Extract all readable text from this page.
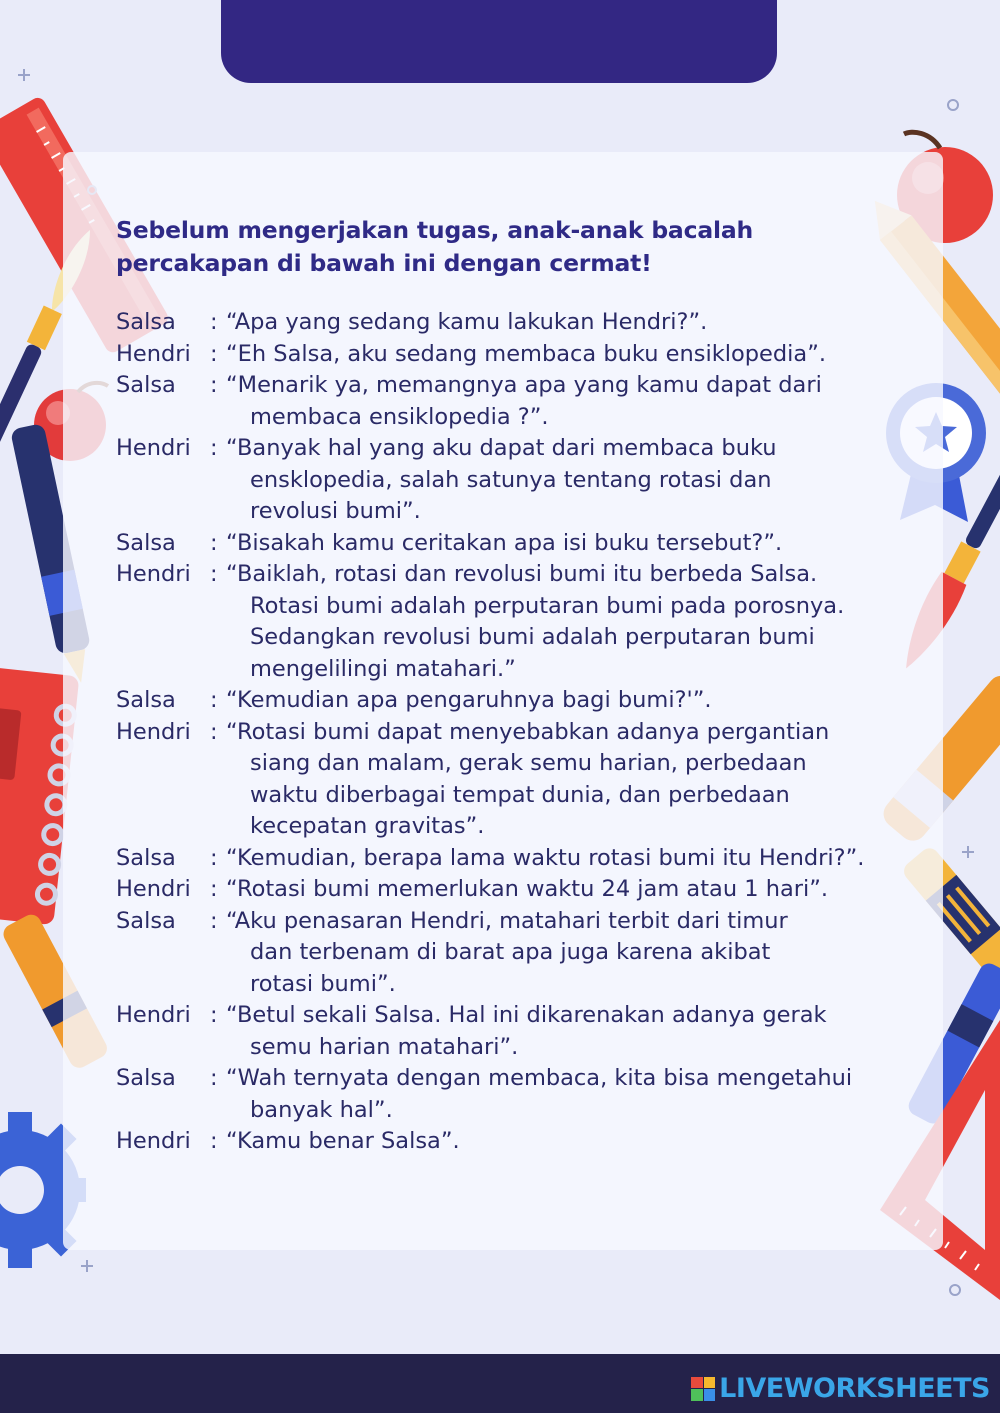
Sebelum mengerjakan tugas, anak-anak bacalah
percakapan di bawah ini dengan cermat!
Salsa	: “Apa yang sedang kamu lakukan Hendri?”.
Hendri : “Eh Salsa, aku sedang membaca buku ensiklopedia”.
Salsa	: “Menarik ya, memangnya apa yang kamu dapat dari
membaca ensiklopedia ?”.
Hendri : “Banyak hal yang aku dapat dari membaca buku
ensklopedia, salah satunya tentang rotasi dan
revolusi bumi”.
Salsa	: “Bisakah kamu ceritakan apa isi buku tersebut?”.
Hendri : “Baiklah, rotasi dan revolusi bumi itu berbeda Salsa.
Rotasi bumi adalah perputaran bumi pada porosnya.
Sedangkan revolusi bumi adalah perputaran bumi
mengelilingi matahari.”
Salsa	: “Kemudian apa pengaruhnya bagi bumi?'”.
Hendri : “Rotasi bumi dapat menyebabkan adanya pergantian
siang dan malam, gerak semu harian, perbedaan
waktu diberbagai tempat dunia, dan perbedaan
kecepatan gravitas”.
Salsa	: “Kemudian, berapa lama waktu rotasi bumi itu Hendri?”.
Hendri : “Rotasi bumi memerlukan waktu 24 jam atau 1 hari”.
Salsa	: “Aku penasaran Hendri, matahari terbit dari timur
dan terbenam di barat apa juga karena akibat
rotasi bumi”.
Hendri : “Betul sekali Salsa. Hal ini dikarenakan adanya gerak
semu harian matahari”.
Salsa	: “Wah ternyata dengan membaca, kita bisa mengetahui
banyak hal”.
Hendri : “Kamu benar Salsa”.
LIVEWORKSHEETS
